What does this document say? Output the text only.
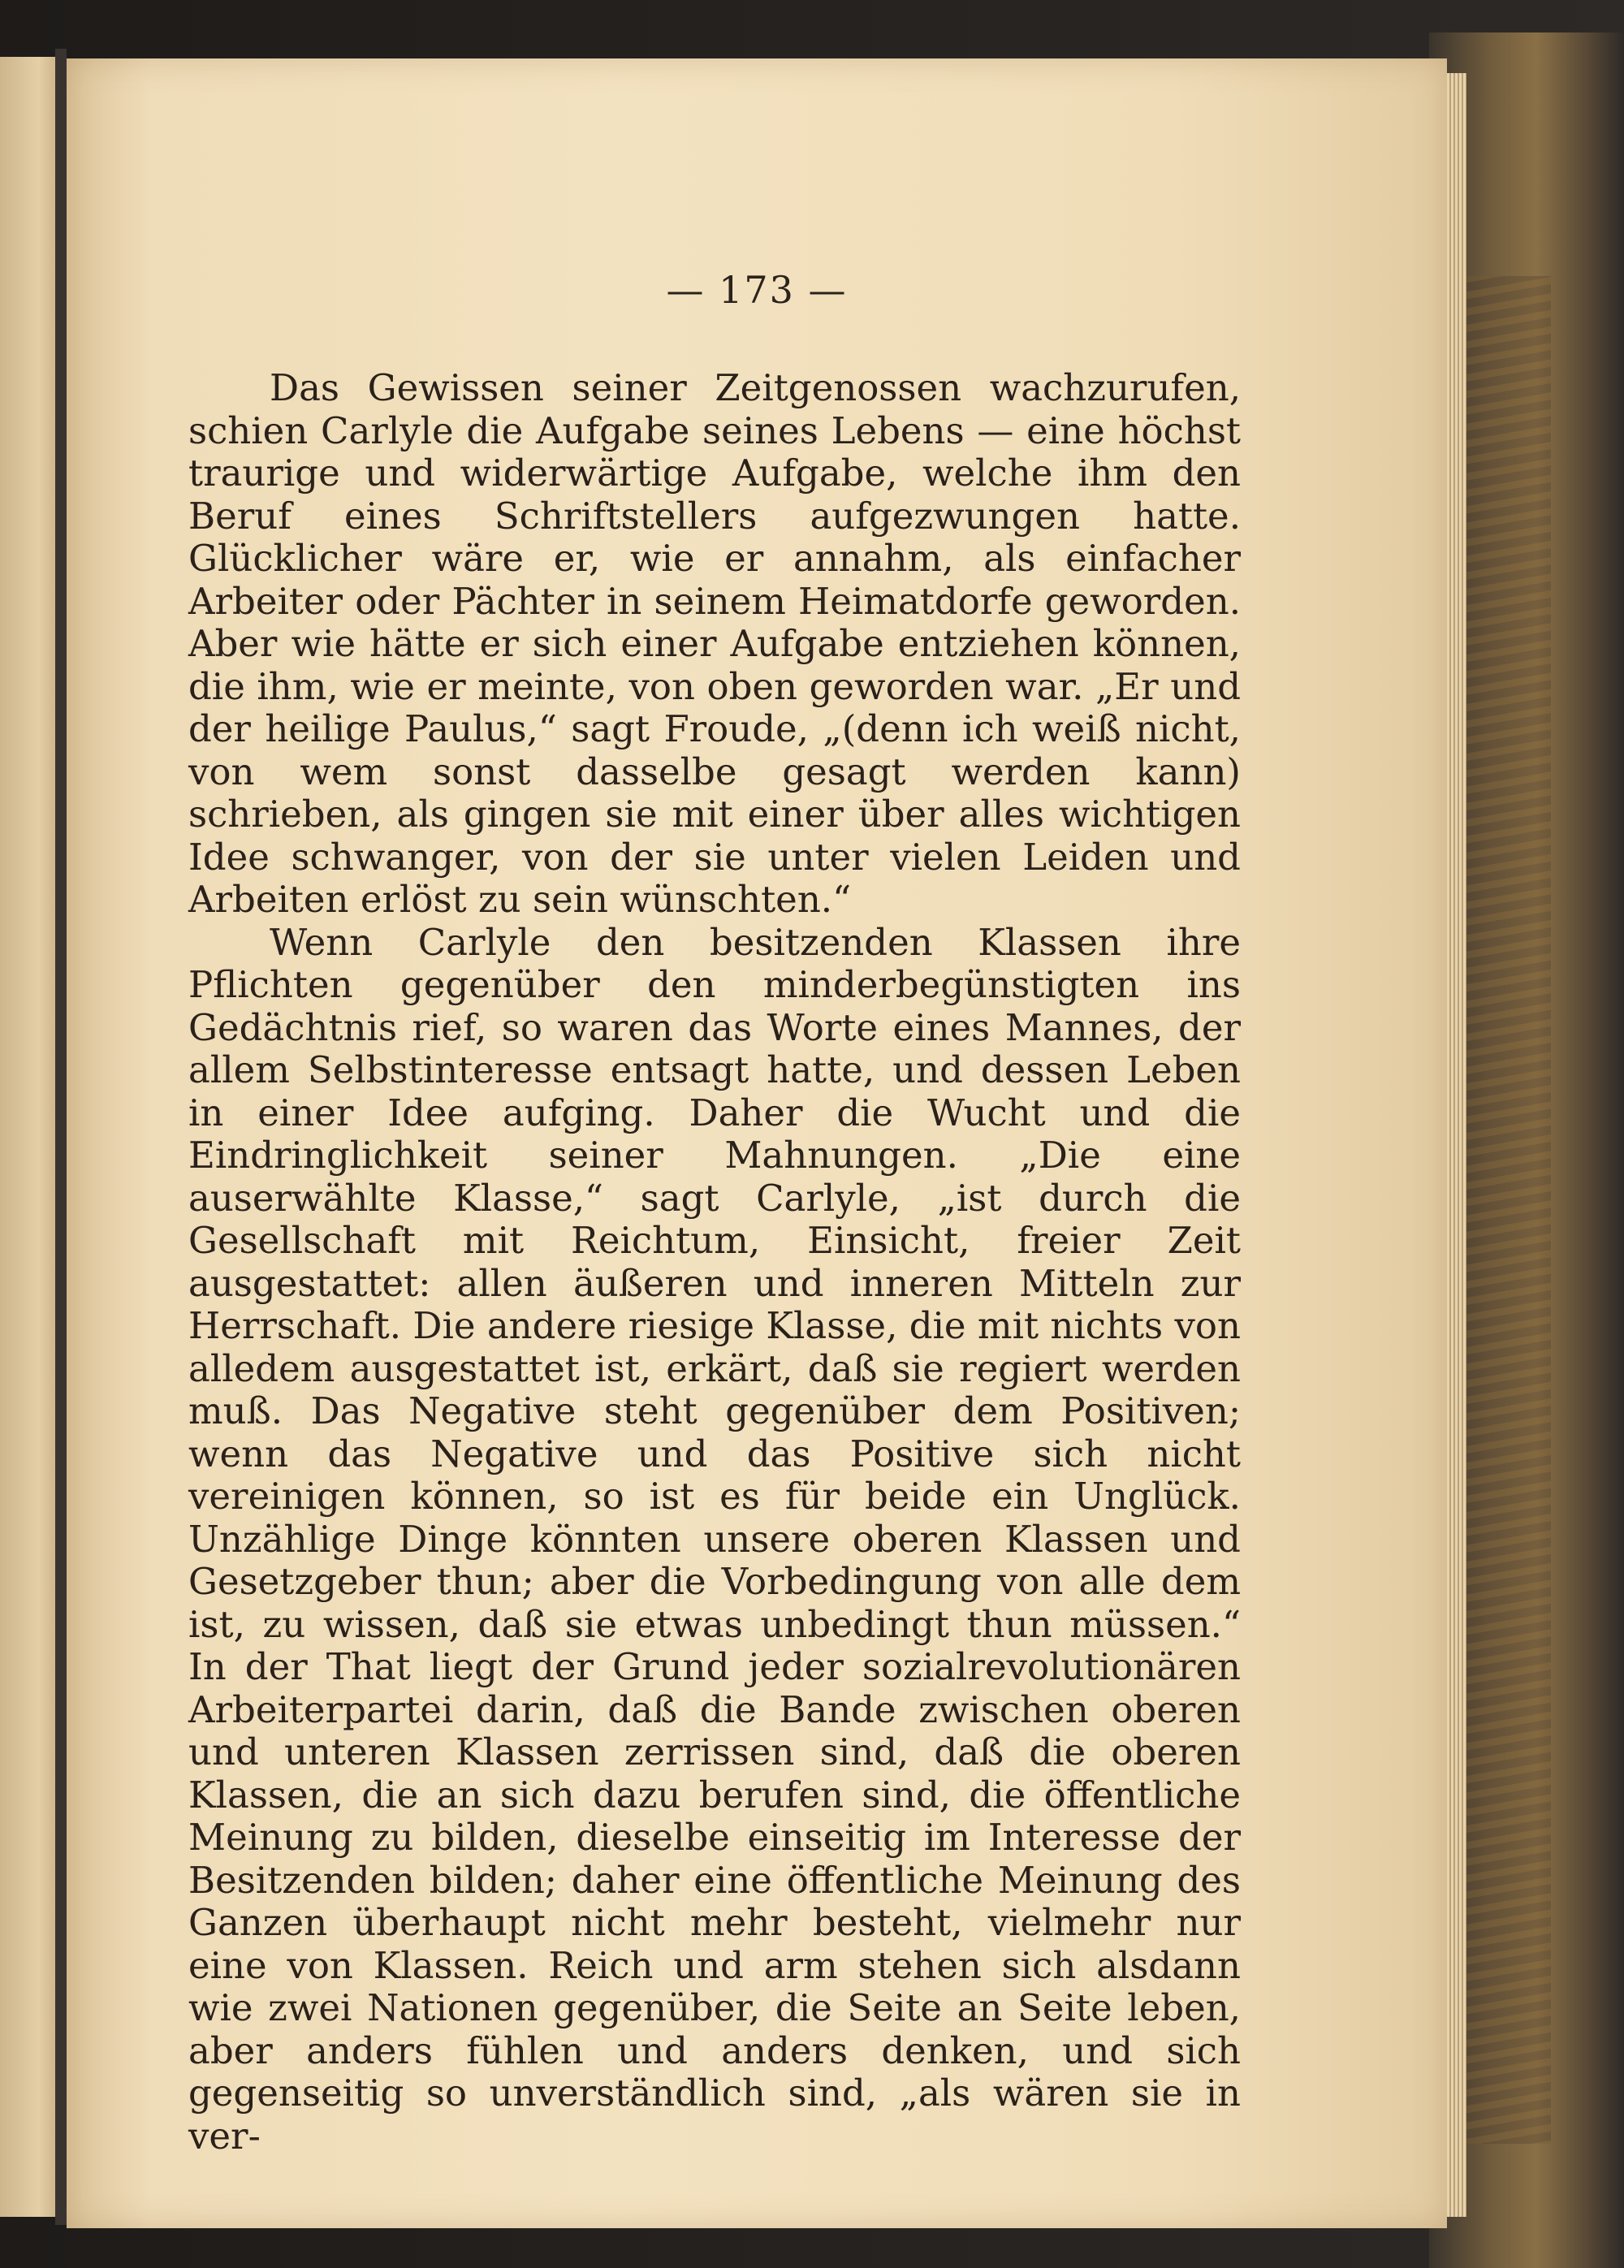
— 173 —

Das Gewissen seiner Zeitgenossen wachzurufen, schien Carlyle die Aufgabe seines Lebens — eine höchst traurige und widerwärtige Aufgabe, welche ihm den Beruf eines Schriftstellers aufgezwungen hatte. Glücklicher wäre er, wie er annahm, als einfacher Arbeiter oder Pächter in seinem Heimatdorfe geworden. Aber wie hätte er sich einer Aufgabe entziehen können, die ihm, wie er meinte, von oben geworden war. „Er und der heilige Paulus,“ sagt Froude, „(denn ich weiß nicht, von wem sonst dasselbe gesagt werden kann) schrieben, als gingen sie mit einer über alles wichtigen Idee schwanger, von der sie unter vielen Leiden und Arbeiten erlöst zu sein wünschten.“

Wenn Carlyle den besitzenden Klassen ihre Pflichten gegenüber den minderbegünstigten ins Gedächtnis rief, so waren das Worte eines Mannes, der allem Selbstinteresse entsagt hatte, und dessen Leben in einer Idee aufging. Daher die Wucht und die Eindringlichkeit seiner Mahnungen. „Die eine auserwählte Klasse,“ sagt Carlyle, „ist durch die Gesellschaft mit Reichtum, Einsicht, freier Zeit ausgestattet: allen äußeren und inneren Mitteln zur Herrschaft. Die andere riesige Klasse, die mit nichts von alledem ausgestattet ist, erkärt, daß sie regiert werden muß. Das Negative steht gegenüber dem Positiven; wenn das Negative und das Positive sich nicht vereinigen können, so ist es für beide ein Unglück. Unzählige Dinge könnten unsere oberen Klassen und Gesetzgeber thun; aber die Vorbedingung von alle dem ist, zu wissen, daß sie etwas unbedingt thun müssen.“ In der That liegt der Grund jeder sozialrevolutionären Arbeiterpartei darin, daß die Bande zwischen oberen und unteren Klassen zerrissen sind, daß die oberen Klassen, die an sich dazu berufen sind, die öffentliche Meinung zu bilden, dieselbe einseitig im Interesse der Besitzenden bilden; daher eine öffentliche Meinung des Ganzen überhaupt nicht mehr besteht, vielmehr nur eine von Klassen. Reich und arm stehen sich alsdann wie zwei Nationen gegenüber, die Seite an Seite leben, aber anders fühlen und anders denken, und sich gegenseitig so unverständlich sind, „als wären sie in ver-
